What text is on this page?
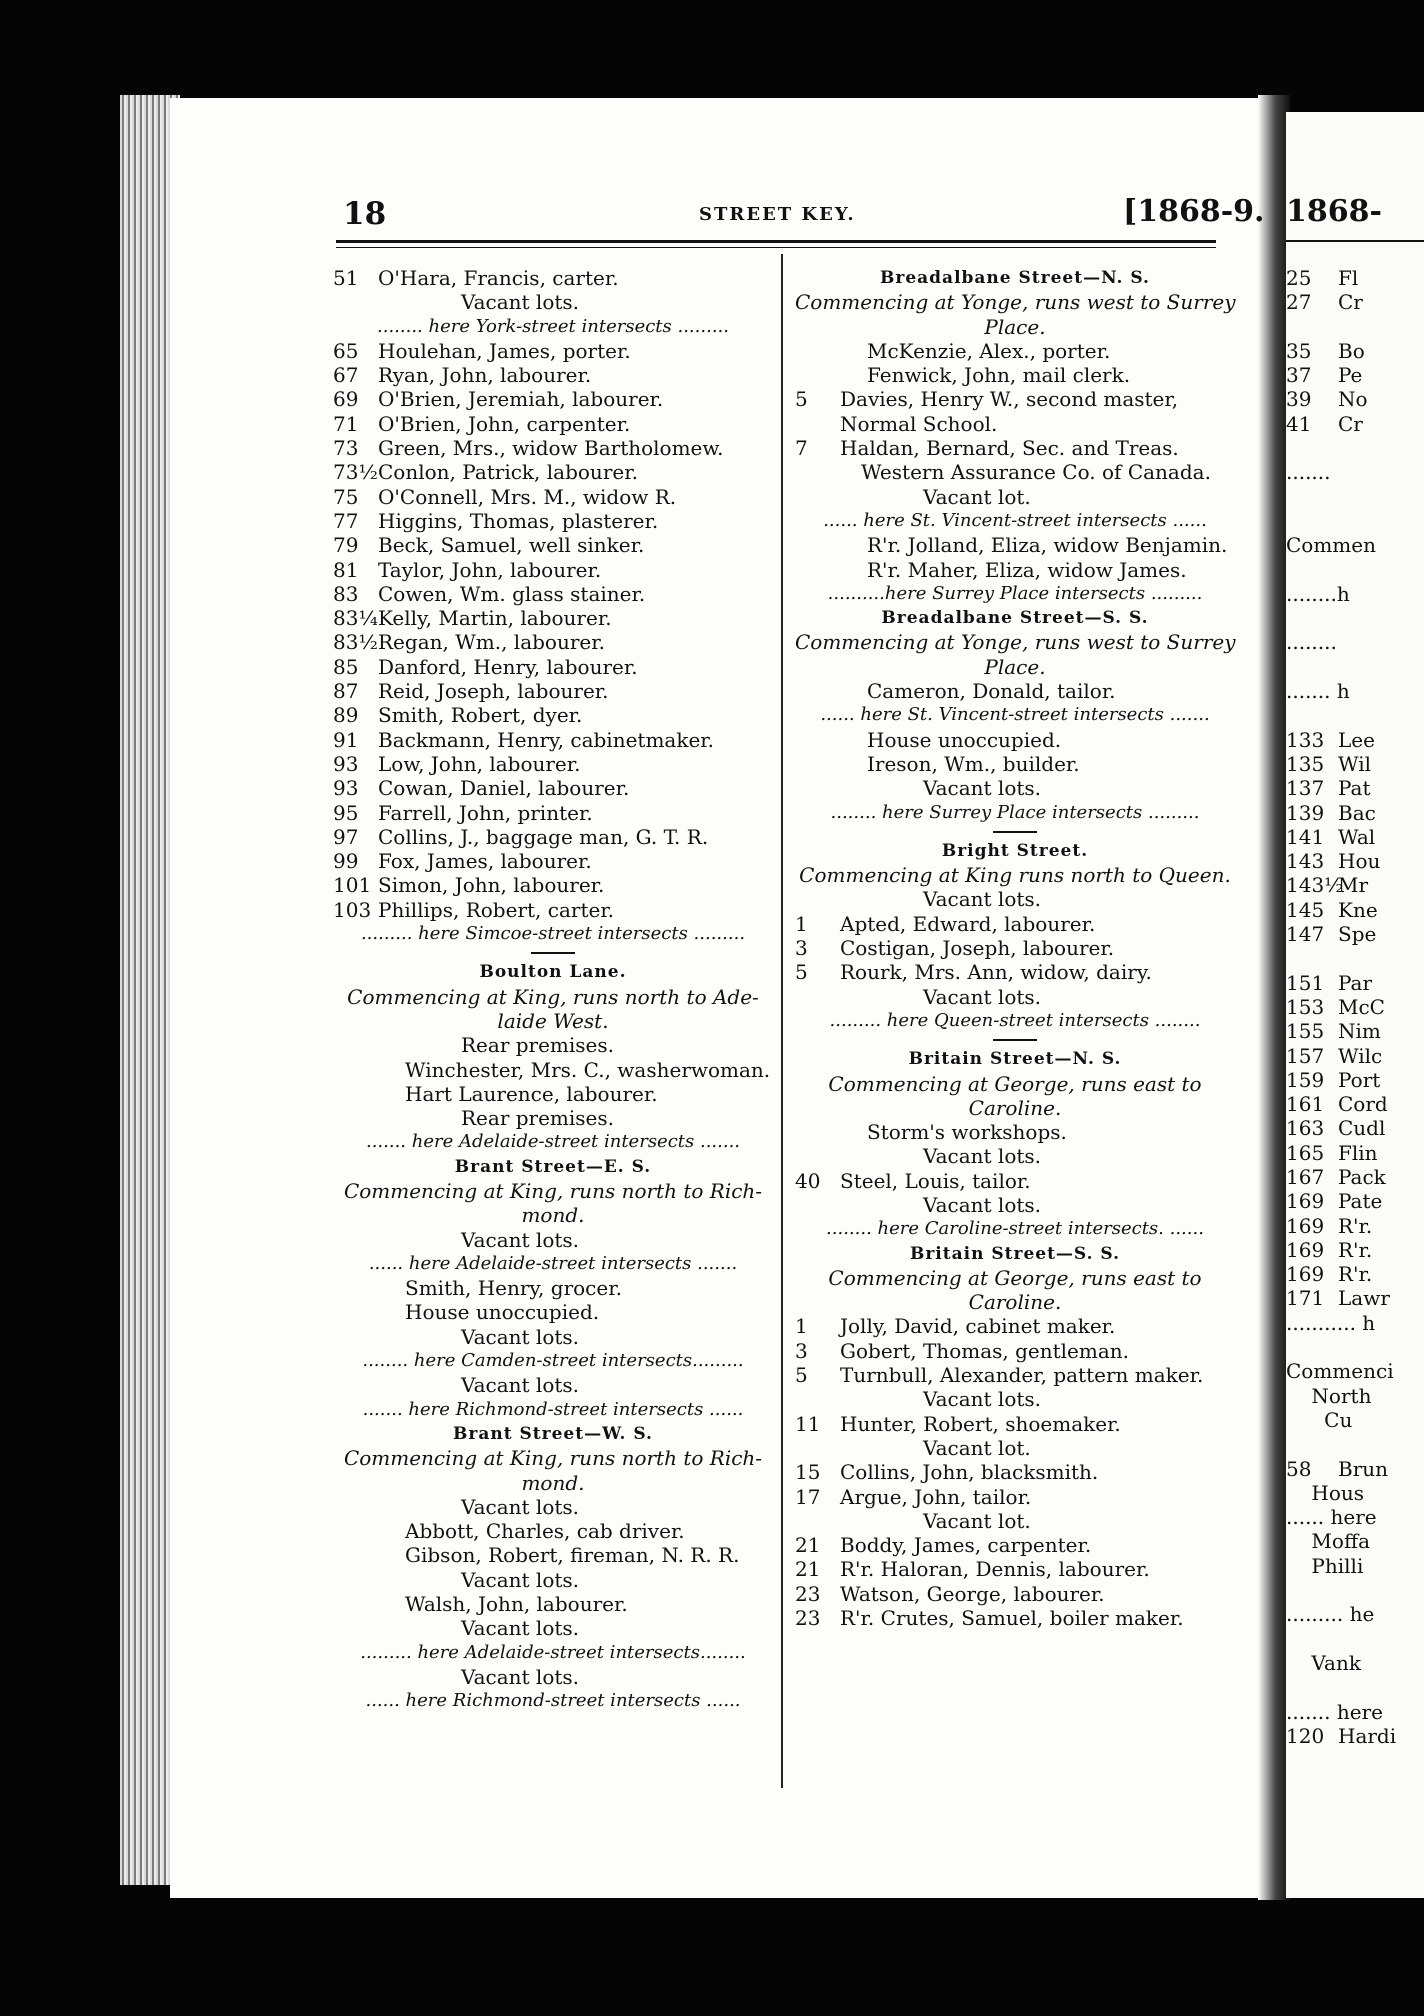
1868-
25 Fl
27 Cr
35 Bo
37 Pe
39 No
41 Cr
.......
Commen
........h
........
....... h
133 Lee
135 Wil
137 Pat
139 Bac
141 Wal
143 Hou
143½Mr
145 Kne
147 Spe
151 Par
153 McC
155 Nim
157 Wilc
159 Port
161 Cord
163 Cudl
165 Flin
167 Pack
169 Pate
169 R'r.
169 R'r.
169 R'r.
171 Lawr
........... h
Commenci
North
Cu
58 Brun
Hous
...... here
Moffa
Philli
......... he
Vank
....... here
120 Hardi
18	STREET KEY.	[1868-9.
51 O'Hara, Francis, carter.
Vacant lots.
........ here York-street intersects .........
65 Houlehan, James, porter.
67 Ryan, John, labourer.
69 O'Brien, Jeremiah, labourer.
71 O'Brien, John, carpenter.
73 Green, Mrs., widow Bartholomew.
73½Conlon, Patrick, labourer.
75 O'Connell, Mrs. M., widow R.
77 Higgins, Thomas, plasterer.
79 Beck, Samuel, well sinker.
81 Taylor, John, labourer.
83 Cowen, Wm. glass stainer.
83¼Kelly, Martin, labourer.
83½Regan, Wm., labourer.
85 Danford, Henry, labourer.
87 Reid, Joseph, labourer.
89 Smith, Robert, dyer.
91 Backmann, Henry, cabinetmaker.
93 Low, John, labourer.
93 Cowan, Daniel, labourer.
95 Farrell, John, printer.
97 Collins, J., baggage man, G. T. R.
99 Fox, James, labourer.
101 Simon, John, labourer.
103 Phillips, Robert, carter.
......... here Simcoe-street intersects .........
Boulton Lane.
Commencing at King, runs north to Ade-
laide West.
Rear premises.
Winchester, Mrs. C., washerwoman.
Hart Laurence, labourer.
Rear premises.
....... here Adelaide-street intersects .......
Brant Street—E. S.
Commencing at King, runs north to Rich-
mond.
Vacant lots.
...... here Adelaide-street intersects .......
Smith, Henry, grocer.
House unoccupied.
Vacant lots.
........ here Camden-street intersects.........
Vacant lots.
....... here Richmond-street intersects ......
Brant Street—W. S.
Commencing at King, runs north to Rich-
mond.
Vacant lots.
Abbott, Charles, cab driver.
Gibson, Robert, fireman, N. R. R.
Vacant lots.
Walsh, John, labourer.
Vacant lots.
......... here Adelaide-street intersects........
Vacant lots.
...... here Richmond-street intersects ......
Breadalbane Street—N. S.
Commencing at Yonge, runs west to Surrey
Place.
McKenzie, Alex., porter.
Fenwick, John, mail clerk.
5 Davies, Henry W., second master,
Normal School.
7 Haldan, Bernard, Sec. and Treas.
Western Assurance Co. of Canada.
Vacant lot.
...... here St. Vincent-street intersects ......
R'r. Jolland, Eliza, widow Benjamin.
R'r. Maher, Eliza, widow James.
..........here Surrey Place intersects .........
Breadalbane Street—S. S.
Commencing at Yonge, runs west to Surrey
Place.
Cameron, Donald, tailor.
...... here St. Vincent-street intersects .......
House unoccupied.
Ireson, Wm., builder.
Vacant lots.
........ here Surrey Place intersects .........
Bright Street.
Commencing at King runs north to Queen.
Vacant lots.
1 Apted, Edward, labourer.
3 Costigan, Joseph, labourer.
5 Rourk, Mrs. Ann, widow, dairy.
Vacant lots.
......... here Queen-street intersects ........
Britain Street—N. S.
Commencing at George, runs east to
Caroline.
Storm's workshops.
Vacant lots.
40 Steel, Louis, tailor.
Vacant lots.
........ here Caroline-street intersects. ......
Britain Street—S. S.
Commencing at George, runs east to
Caroline.
1 Jolly, David, cabinet maker.
3 Gobert, Thomas, gentleman.
5 Turnbull, Alexander, pattern maker.
Vacant lots.
11 Hunter, Robert, shoemaker.
Vacant lot.
15 Collins, John, blacksmith.
17 Argue, John, tailor.
Vacant lot.
21 Boddy, James, carpenter.
21 R'r. Haloran, Dennis, labourer.
23 Watson, George, labourer.
23 R'r. Crutes, Samuel, boiler maker.
